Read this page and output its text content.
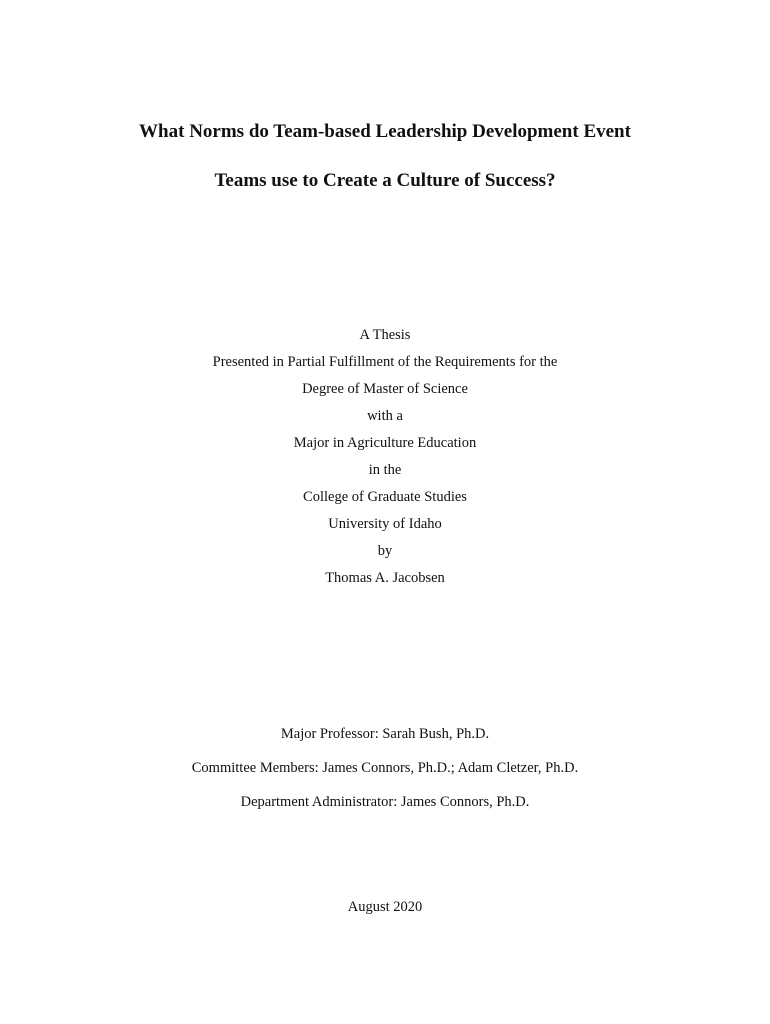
What Norms do Team-based Leadership Development Event
Teams use to Create a Culture of Success?

A Thesis

Presented in Partial Fulfillment of the Requirements for the

Degree of Master of Science

with a

Major in Agriculture Education

in the

College of Graduate Studies

University of Idaho

by

Thomas A. Jacobsen

Major Professor: Sarah Bush, Ph.D.

Committee Members: James Connors, Ph.D.; Adam Cletzer, Ph.D.

Department Administrator: James Connors, Ph.D.

August 2020
